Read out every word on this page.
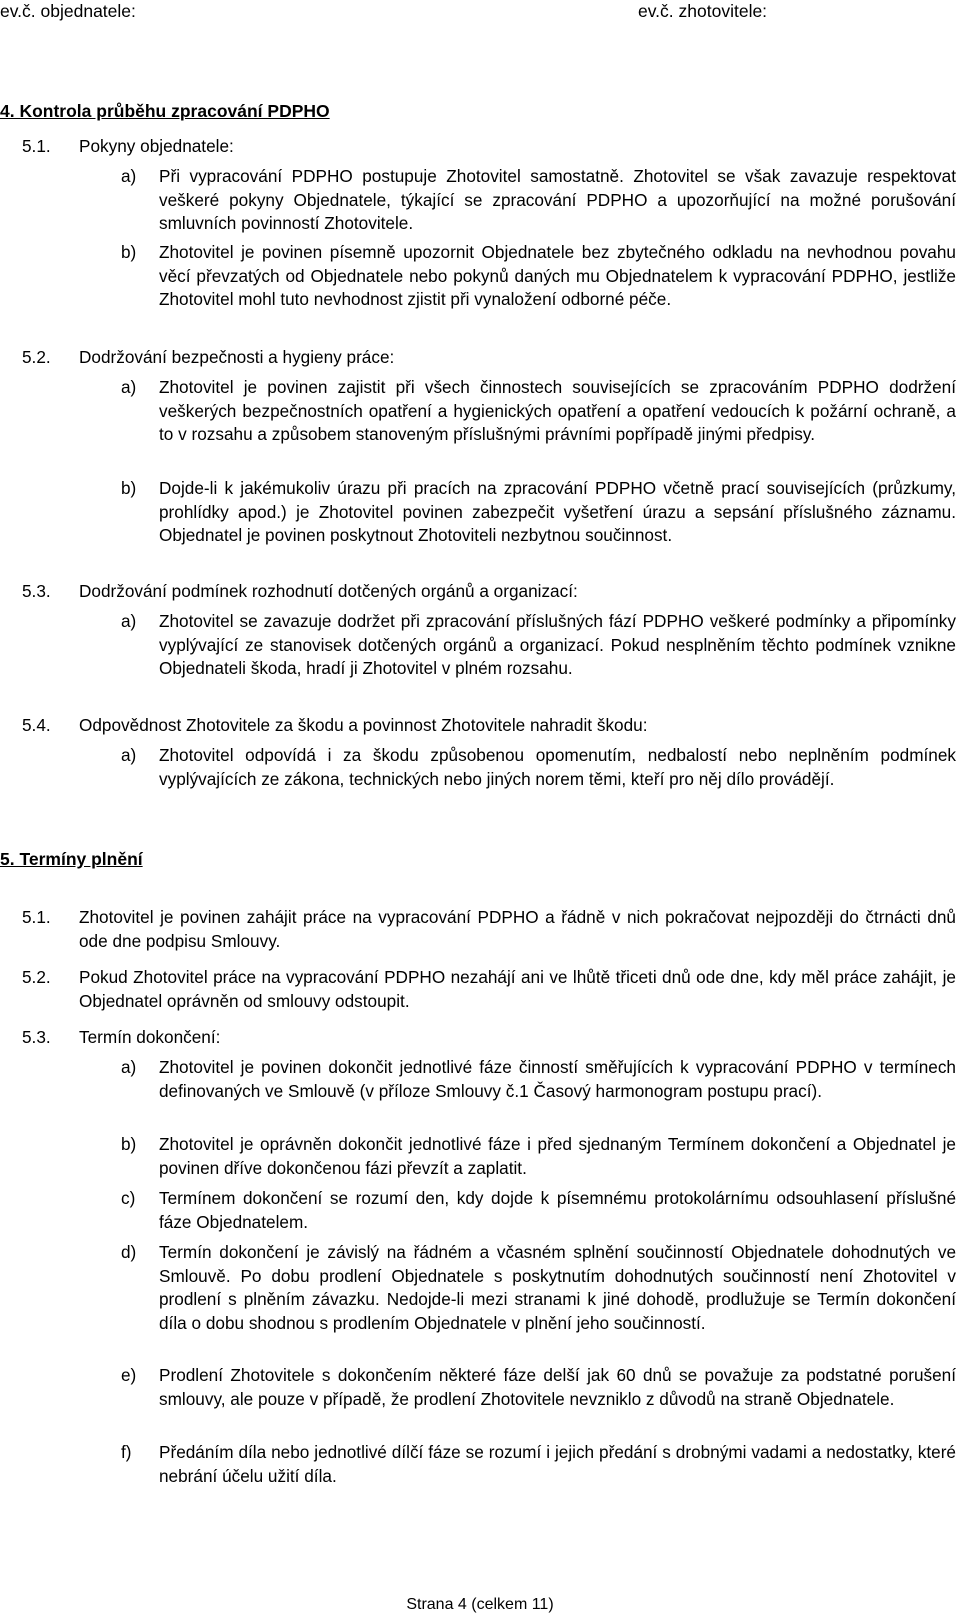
ev.č. objednatele:	ev.č. zhotovitele:
4. Kontrola průběhu zpracování PDPHO
5.1. Pokyny objednatele:
a) Při vypracování PDPHO postupuje Zhotovitel samostatně. Zhotovitel se však zavazuje respektovat veškeré pokyny Objednatele, týkající se zpracování PDPHO a upozorňující na možné porušování smluvních povinností Zhotovitele.
b) Zhotovitel je povinen písemně upozornit Objednatele bez zbytečného odkladu na nevhodnou povahu věcí převzatých od Objednatele nebo pokynů daných mu Objednatelem k vypracování PDPHO, jestliže Zhotovitel mohl tuto nevhodnost zjistit při vynaložení odborné péče.
5.2. Dodržování bezpečnosti a hygieny práce:
a) Zhotovitel je povinen zajistit při všech činnostech souvisejících se zpracováním PDPHO dodržení veškerých bezpečnostních opatření a hygienických opatření a opatření vedoucích k požární ochraně, a to v rozsahu a způsobem stanoveným příslušnými právními popřípadě jinými předpisy.
b) Dojde-li k jakémukoliv úrazu při pracích na zpracování PDPHO včetně prací souvisejících (průzkumy, prohlídky apod.) je Zhotovitel povinen zabezpečit vyšetření úrazu a sepsání příslušného záznamu. Objednatel je povinen poskytnout Zhotoviteli nezbytnou součinnost.
5.3. Dodržování podmínek rozhodnutí dotčených orgánů a organizací:
a) Zhotovitel se zavazuje dodržet při zpracování příslušných fází PDPHO veškeré podmínky a připomínky vyplývající ze stanovisek dotčených orgánů a organizací. Pokud nesplněním těchto podmínek vznikne Objednateli škoda, hradí ji Zhotovitel v plném rozsahu.
5.4. Odpovědnost Zhotovitele za škodu a povinnost Zhotovitele nahradit škodu:
a) Zhotovitel odpovídá i za škodu způsobenou opomenutím, nedbalostí nebo neplněním podmínek vyplývajících ze zákona, technických nebo jiných norem těmi, kteří pro něj dílo provádějí.
5. Termíny plnění
5.1. Zhotovitel je povinen zahájit práce na vypracování PDPHO a řádně v nich pokračovat nejpozději do čtrnácti dnů ode dne podpisu Smlouvy.
5.2. Pokud Zhotovitel práce na vypracování PDPHO nezahájí ani ve lhůtě třiceti dnů ode dne, kdy měl práce zahájit, je Objednatel oprávněn od smlouvy odstoupit.
5.3. Termín dokončení:
a) Zhotovitel je povinen dokončit jednotlivé fáze činností směřujících k vypracování PDPHO v termínech definovaných ve Smlouvě (v příloze Smlouvy č.1 Časový harmonogram postupu prací).
b) Zhotovitel je oprávněn dokončit jednotlivé fáze i před sjednaným Termínem dokončení a Objednatel je povinen dříve dokončenou fázi převzít a zaplatit.
c) Termínem dokončení se rozumí den, kdy dojde k písemnému protokolárnímu odsouhlasení příslušné fáze Objednatelem.
d) Termín dokončení je závislý na řádném a včasném splnění součinností Objednatele dohodnutých ve Smlouvě. Po dobu prodlení Objednatele s poskytnutím dohodnutých součinností není Zhotovitel v prodlení s plněním závazku. Nedojde-li mezi stranami k jiné dohodě, prodlužuje se Termín dokončení díla o dobu shodnou s prodlením Objednatele v plnění jeho součinností.
e) Prodlení Zhotovitele s dokončením některé fáze delší jak 60 dnů se považuje za podstatné porušení smlouvy, ale pouze v případě, že prodlení Zhotovitele nevzniklo z důvodů na straně Objednatele.
f) Předáním díla nebo jednotlivé dílčí fáze se rozumí i jejich předání s drobnými vadami a nedostatky, které nebrání účelu užití díla.
Strana 4 (celkem 11)
